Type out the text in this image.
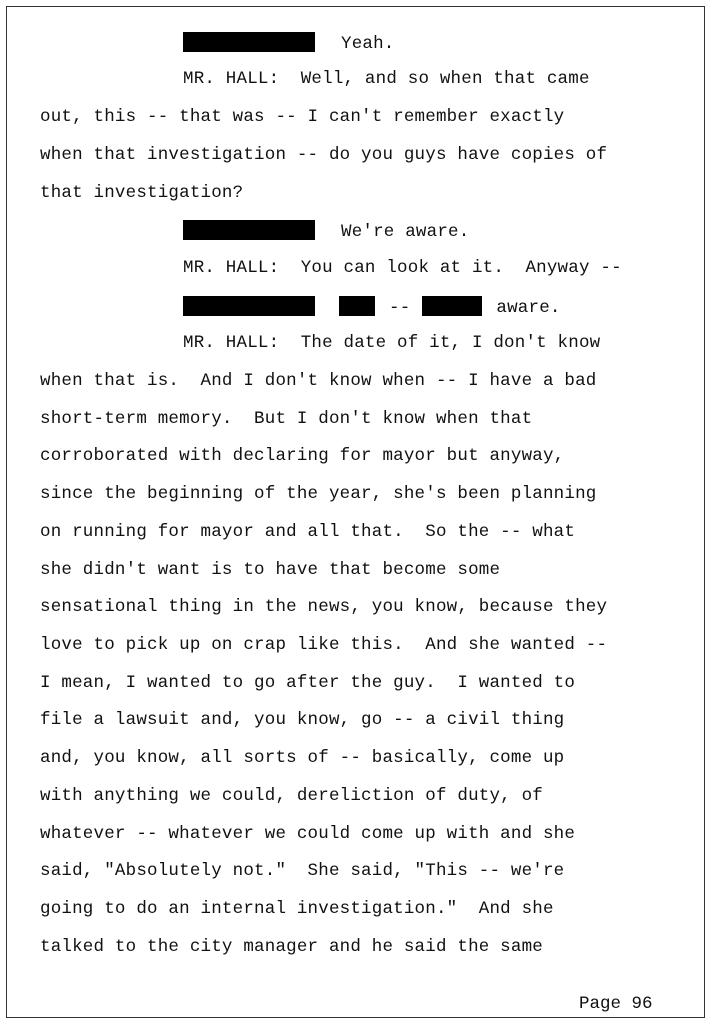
Yeah.
MR. HALL:  Well, and so when that came
out, this -- that was -- I can't remember exactly
when that investigation -- do you guys have copies of
that investigation?
We're aware.
MR. HALL:  You can look at it.  Anyway --
--	aware.
MR. HALL:  The date of it, I don't know
when that is.  And I don't know when -- I have a bad
short-term memory.  But I don't know when that
corroborated with declaring for mayor but anyway,
since the beginning of the year, she's been planning
on running for mayor and all that.  So the -- what
she didn't want is to have that become some
sensational thing in the news, you know, because they
love to pick up on crap like this.  And she wanted --
I mean, I wanted to go after the guy.  I wanted to
file a lawsuit and, you know, go -- a civil thing
and, you know, all sorts of -- basically, come up
with anything we could, dereliction of duty, of
whatever -- whatever we could come up with and she
said, "Absolutely not."  She said, "This -- we're
going to do an internal investigation."  And she
talked to the city manager and he said the same
Page 96
